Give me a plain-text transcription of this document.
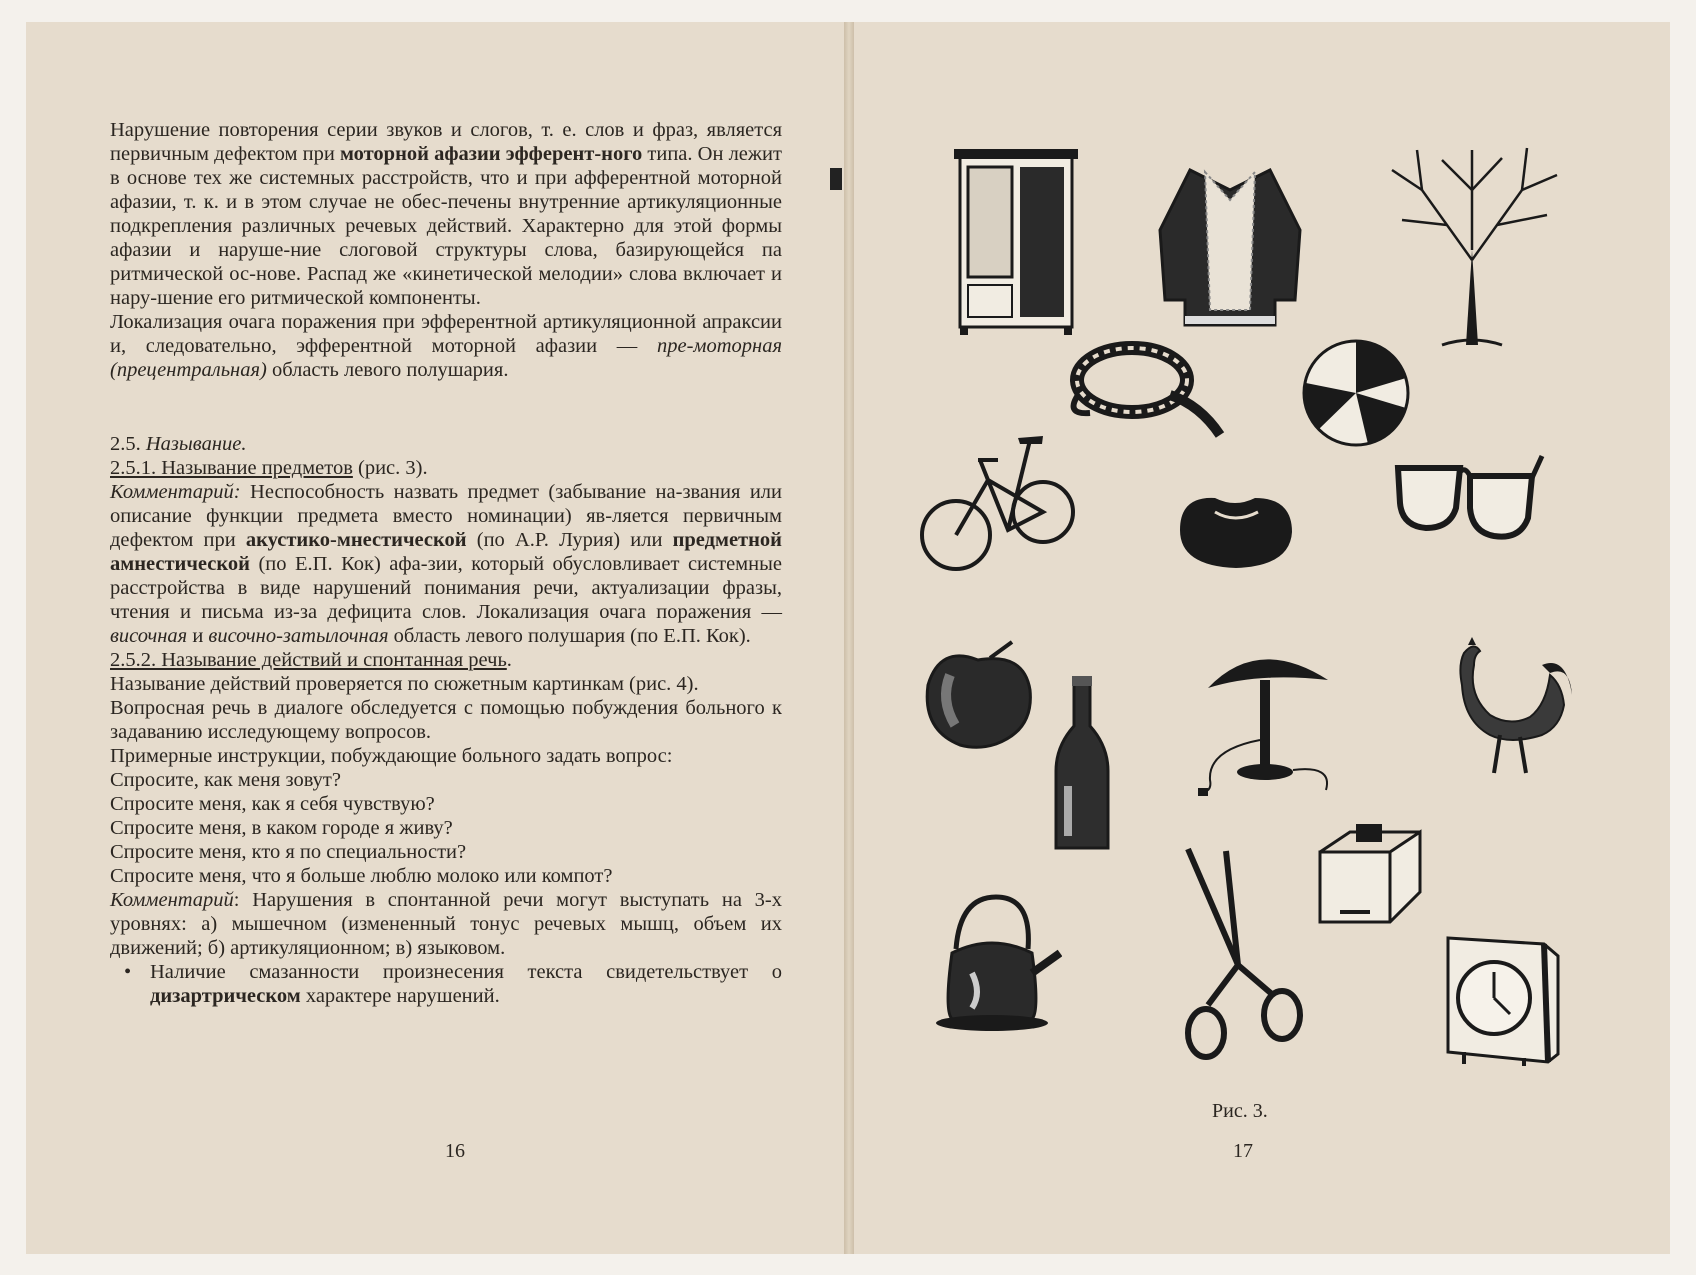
Нарушение повторения серии звуков и слогов, т. е. слов и фраз, является первичным дефектом при моторной афазии эфферент-ного типа. Он лежит в основе тех же системных расстройств, что и при афферентной моторной афазии, т. к. и в этом случае не обес-печены внутренние артикуляционные подкрепления различных речевых действий. Характерно для этой формы афазии и наруше-ние слоговой структуры слова, базирующейся па ритмической ос-нове. Распад же «кинетической мелодии» слова включает и нару-шение его ритмической компоненты.

Локализация очага поражения при эфферентной артикуляционной апраксии и, следовательно, эфферентной моторной афазии — пре-моторная (прецентральная) область левого полушария.

2.5. Называние.

2.5.1. Называние предметов (рис. 3).

Комментарий: Неспособность назвать предмет (забывание на-звания или описание функции предмета вместо номинации) яв-ляется первичным дефектом при акустико-мнестической (по А.Р. Лурия) или предметной амнестической (по Е.П. Кок) афа-зии, который обусловливает системные расстройства в виде нарушений понимания речи, актуализации фразы, чтения и письма из-за дефицита слов. Локализация очага поражения — височная и височно-затылочная область левого полушария (по Е.П. Кок).

2.5.2. Называние действий и спонтанная речь.

Называние действий проверяется по сюжетным картинкам (рис. 4).

Вопросная речь в диалоге обследуется с помощью побуждения больного к задаванию исследующему вопросов.

Примерные инструкции, побуждающие больного задать вопрос:

Спросите, как меня зовут?

Спросите меня, как я себя чувствую?

Спросите меня, в каком городе я живу?

Спросите меня, кто я по специальности?

Спросите меня, что я больше люблю молоко или компот?

Комментарий: Нарушения в спонтанной речи могут выступать на 3-х уровнях: а) мышечном (измененный тонус речевых мышц, объем их движений; б) артикуляционном; в) языковом.

• Наличие смазанности произнесения текста свидетельствует о дизартрическом характере нарушений.
16
Рис. 3.
17
